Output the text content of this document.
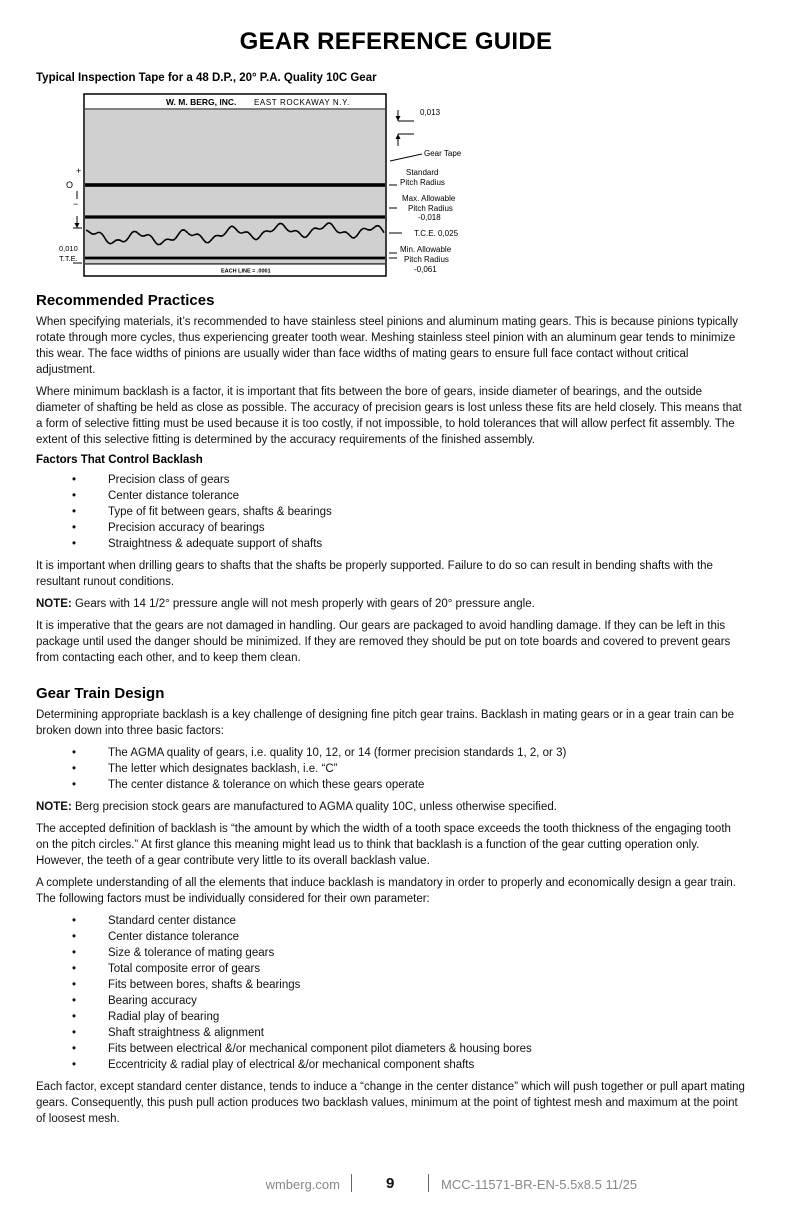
GEAR REFERENCE GUIDE

Typical Inspection Tape for a 48 D.P., 20° P.A. Quality 10C Gear

W. M. BERG, INC. EAST ROCKAWAY N.Y.
EACH LINE = .0001
0,013
Gear Tape
Standard
Pitch Radius
Max. Allowable
Pitch Radius
-0,018
T.C.E. 0,025
Min. Allowable
Pitch Radius
-0,061
+
O
−
0,010
T.T.E.
Recommended Practices

When specifying materials, it’s recommended to have stainless steel pinions and aluminum mating gears. This is because pinions typically rotate through more cycles, thus experiencing greater tooth wear. Meshing stainless steel pinion with an aluminum gear tends to minimize this wear. The face widths of pinions are usually wider than face widths of mating gears to ensure full face contact without critical adjustment.

Where minimum backlash is a factor, it is important that fits between the bore of gears, inside diameter of bearings, and the outside diameter of shafting be held as close as possible. The accuracy of precision gears is lost unless these fits are held closely. This means that a form of selective fitting must be used because it is too costly, if not impossible, to hold tolerances that will allow perfect fit assembly. The extent of this selective fitting is determined by the accuracy requirements of the finished assembly.

Factors That Control Backlash
• Precision class of gears
• Center distance tolerance
• Type of fit between gears, shafts & bearings
• Precision accuracy of bearings
• Straightness & adequate support of shafts

It is important when drilling gears to shafts that the shafts be properly supported. Failure to do so can result in bending shafts with the resultant runout conditions.

NOTE: Gears with 14 1/2° pressure angle will not mesh properly with gears of 20° pressure angle.

It is imperative that the gears are not damaged in handling. Our gears are packaged to avoid handling damage. If they can be left in this package until used the danger should be minimized. If they are removed they should be put on tote boards and covered to prevent gears from contacting each other, and to keep them clean.

Gear Train Design

Determining appropriate backlash is a key challenge of designing fine pitch gear trains. Backlash in mating gears or in a gear train can be broken down into three basic factors:

• The AGMA quality of gears, i.e. quality 10, 12, or 14 (former precision standards 1, 2, or 3)
• The letter which designates backlash, i.e. “C”
• The center distance & tolerance on which these gears operate

NOTE: Berg precision stock gears are manufactured to AGMA quality 10C, unless otherwise specified.

The accepted definition of backlash is “the amount by which the width of a tooth space exceeds the tooth thickness of the engaging tooth on the pitch circles.” At first glance this meaning might lead us to think that backlash is a function of the gear cutting operation only. However, the teeth of a gear contribute very little to its overall backlash value.

A complete understanding of all the elements that induce backlash is mandatory in order to properly and economically design a gear train. The following factors must be individually considered for their own parameter:

• Standard center distance
• Center distance tolerance
• Size & tolerance of mating gears
• Total composite error of gears
• Fits between bores, shafts & bearings
• Bearing accuracy
• Radial play of bearing
• Shaft straightness & alignment
• Fits between electrical &/or mechanical component pilot diameters & housing bores
• Eccentricity & radial play of electrical &/or mechanical component shafts

Each factor, except standard center distance, tends to induce a “change in the center distance” which will push together or pull apart mating gears. Consequently, this push pull action produces two backlash values, minimum at the point of tightest mesh and maximum at the point of loosest mesh.

wmberg.com	9	MCC-11571-BR-EN-5.5x8.5 11/25
